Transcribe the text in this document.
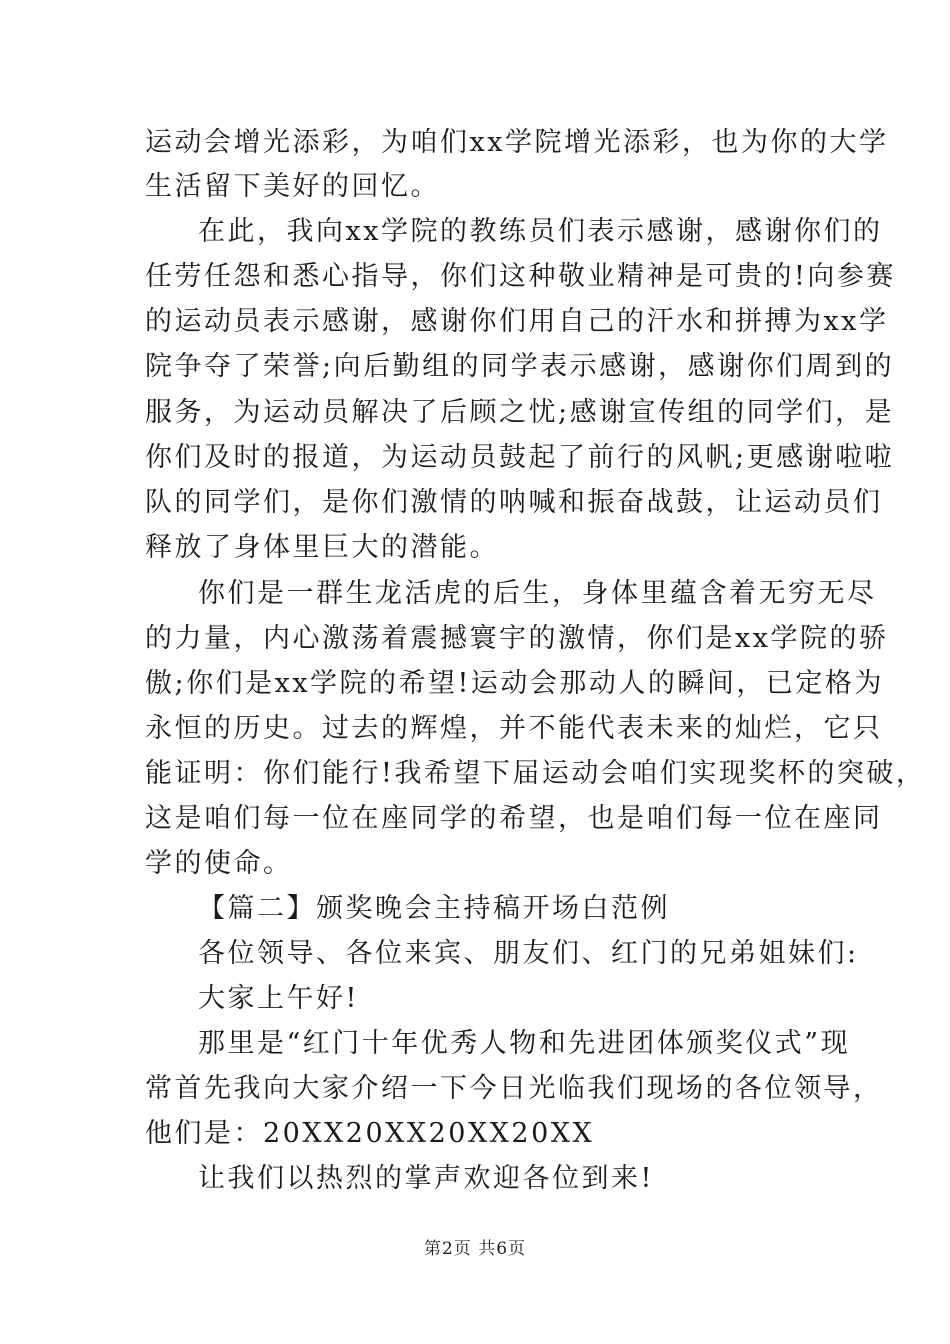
运动会增光添彩，为咱们xx学院增光添彩，也为你的大学
生活留下美好的回忆。
在此，我向xx学院的教练员们表示感谢，感谢你们的
任劳任怨和悉心指导，你们这种敬业精神是可贵的!向参赛
的运动员表示感谢，感谢你们用自己的汗水和拼搏为xx学
院争夺了荣誉;向后勤组的同学表示感谢，感谢你们周到的
服务，为运动员解决了后顾之忧;感谢宣传组的同学们，是
你们及时的报道，为运动员鼓起了前行的风帆;更感谢啦啦
队的同学们，是你们激情的呐喊和振奋战鼓，让运动员们
释放了身体里巨大的潜能。
你们是一群生龙活虎的后生，身体里蕴含着无穷无尽
的力量，内心激荡着震撼寰宇的激情，你们是xx学院的骄
傲;你们是xx学院的希望!运动会那动人的瞬间，已定格为
永恒的历史。过去的辉煌，并不能代表未来的灿烂，它只
能证明：你们能行!我希望下届运动会咱们实现奖杯的突破，
这是咱们每一位在座同学的希望，也是咱们每一位在座同
学的使命。
【篇二】颁奖晚会主持稿开场白范例
各位领导、各位来宾、朋友们、红门的兄弟姐妹们:
大家上午好!
那里是“红门十年优秀人物和先进团体颁奖仪式”现
常首先我向大家介绍一下今日光临我们现场的各位领导，
他们是：20XX20XX20XX20XX
让我们以热烈的掌声欢迎各位到来!
第2页 共6页
